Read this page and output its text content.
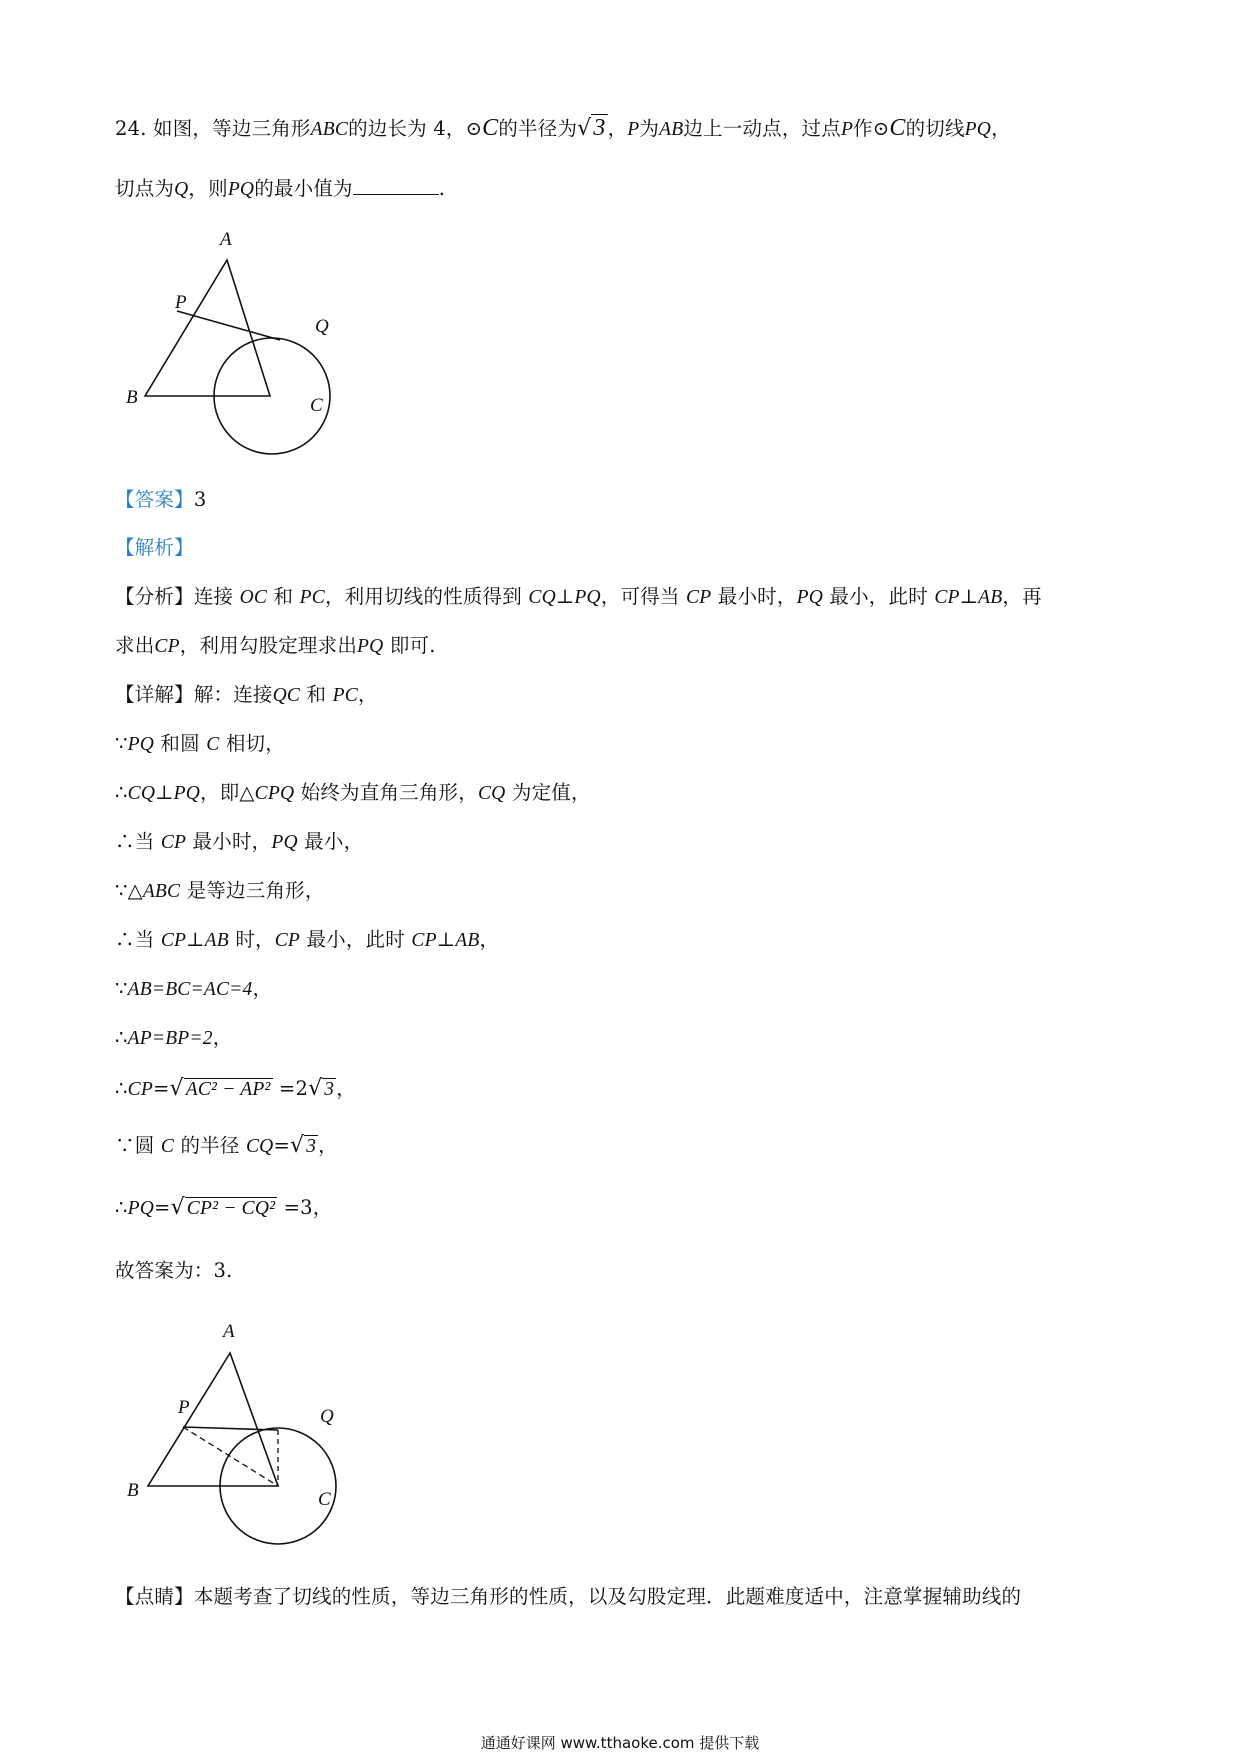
24. 如图，等边三角形ABC的边长为 4，⊙C的半径为√3 ，P为AB边上一动点，过点P作⊙C的切线PQ，
切点为Q，则PQ的最小值为	.
A
P
Q
B	C
【答案】3
【解析】
【分析】连接 OC 和 PC，利用切线的性质得到 CQ⊥PQ，可得当 CP 最小时，PQ 最小，此时 CP⊥AB，再
求出CP，利用勾股定理求出PQ 即可.
【详解】解：连接QC 和 PC，
∵PQ 和圆 C 相切，
∴CQ⊥PQ，即△CPQ 始终为直角三角形，CQ 为定值，
∴当 CP 最小时，PQ 最小，
∵△ABC 是等边三角形，
∴当 CP⊥AB 时，CP 最小，此时 CP⊥AB，
∵AB=BC=AC=4，
∴AP=BP=2，
∴CP=√ AC² − AP² =2√ 3 ，
∵圆 C 的半径 CQ=√ 3 ，
∴PQ=√ CP² − CQ² =3，
故答案为：3.
A
P	Q
B	C
【点睛】本题考查了切线的性质，等边三角形的性质，以及勾股定理．此题难度适中，注意掌握辅助线的
通通好课网 www.tthaoke.com 提供下载
